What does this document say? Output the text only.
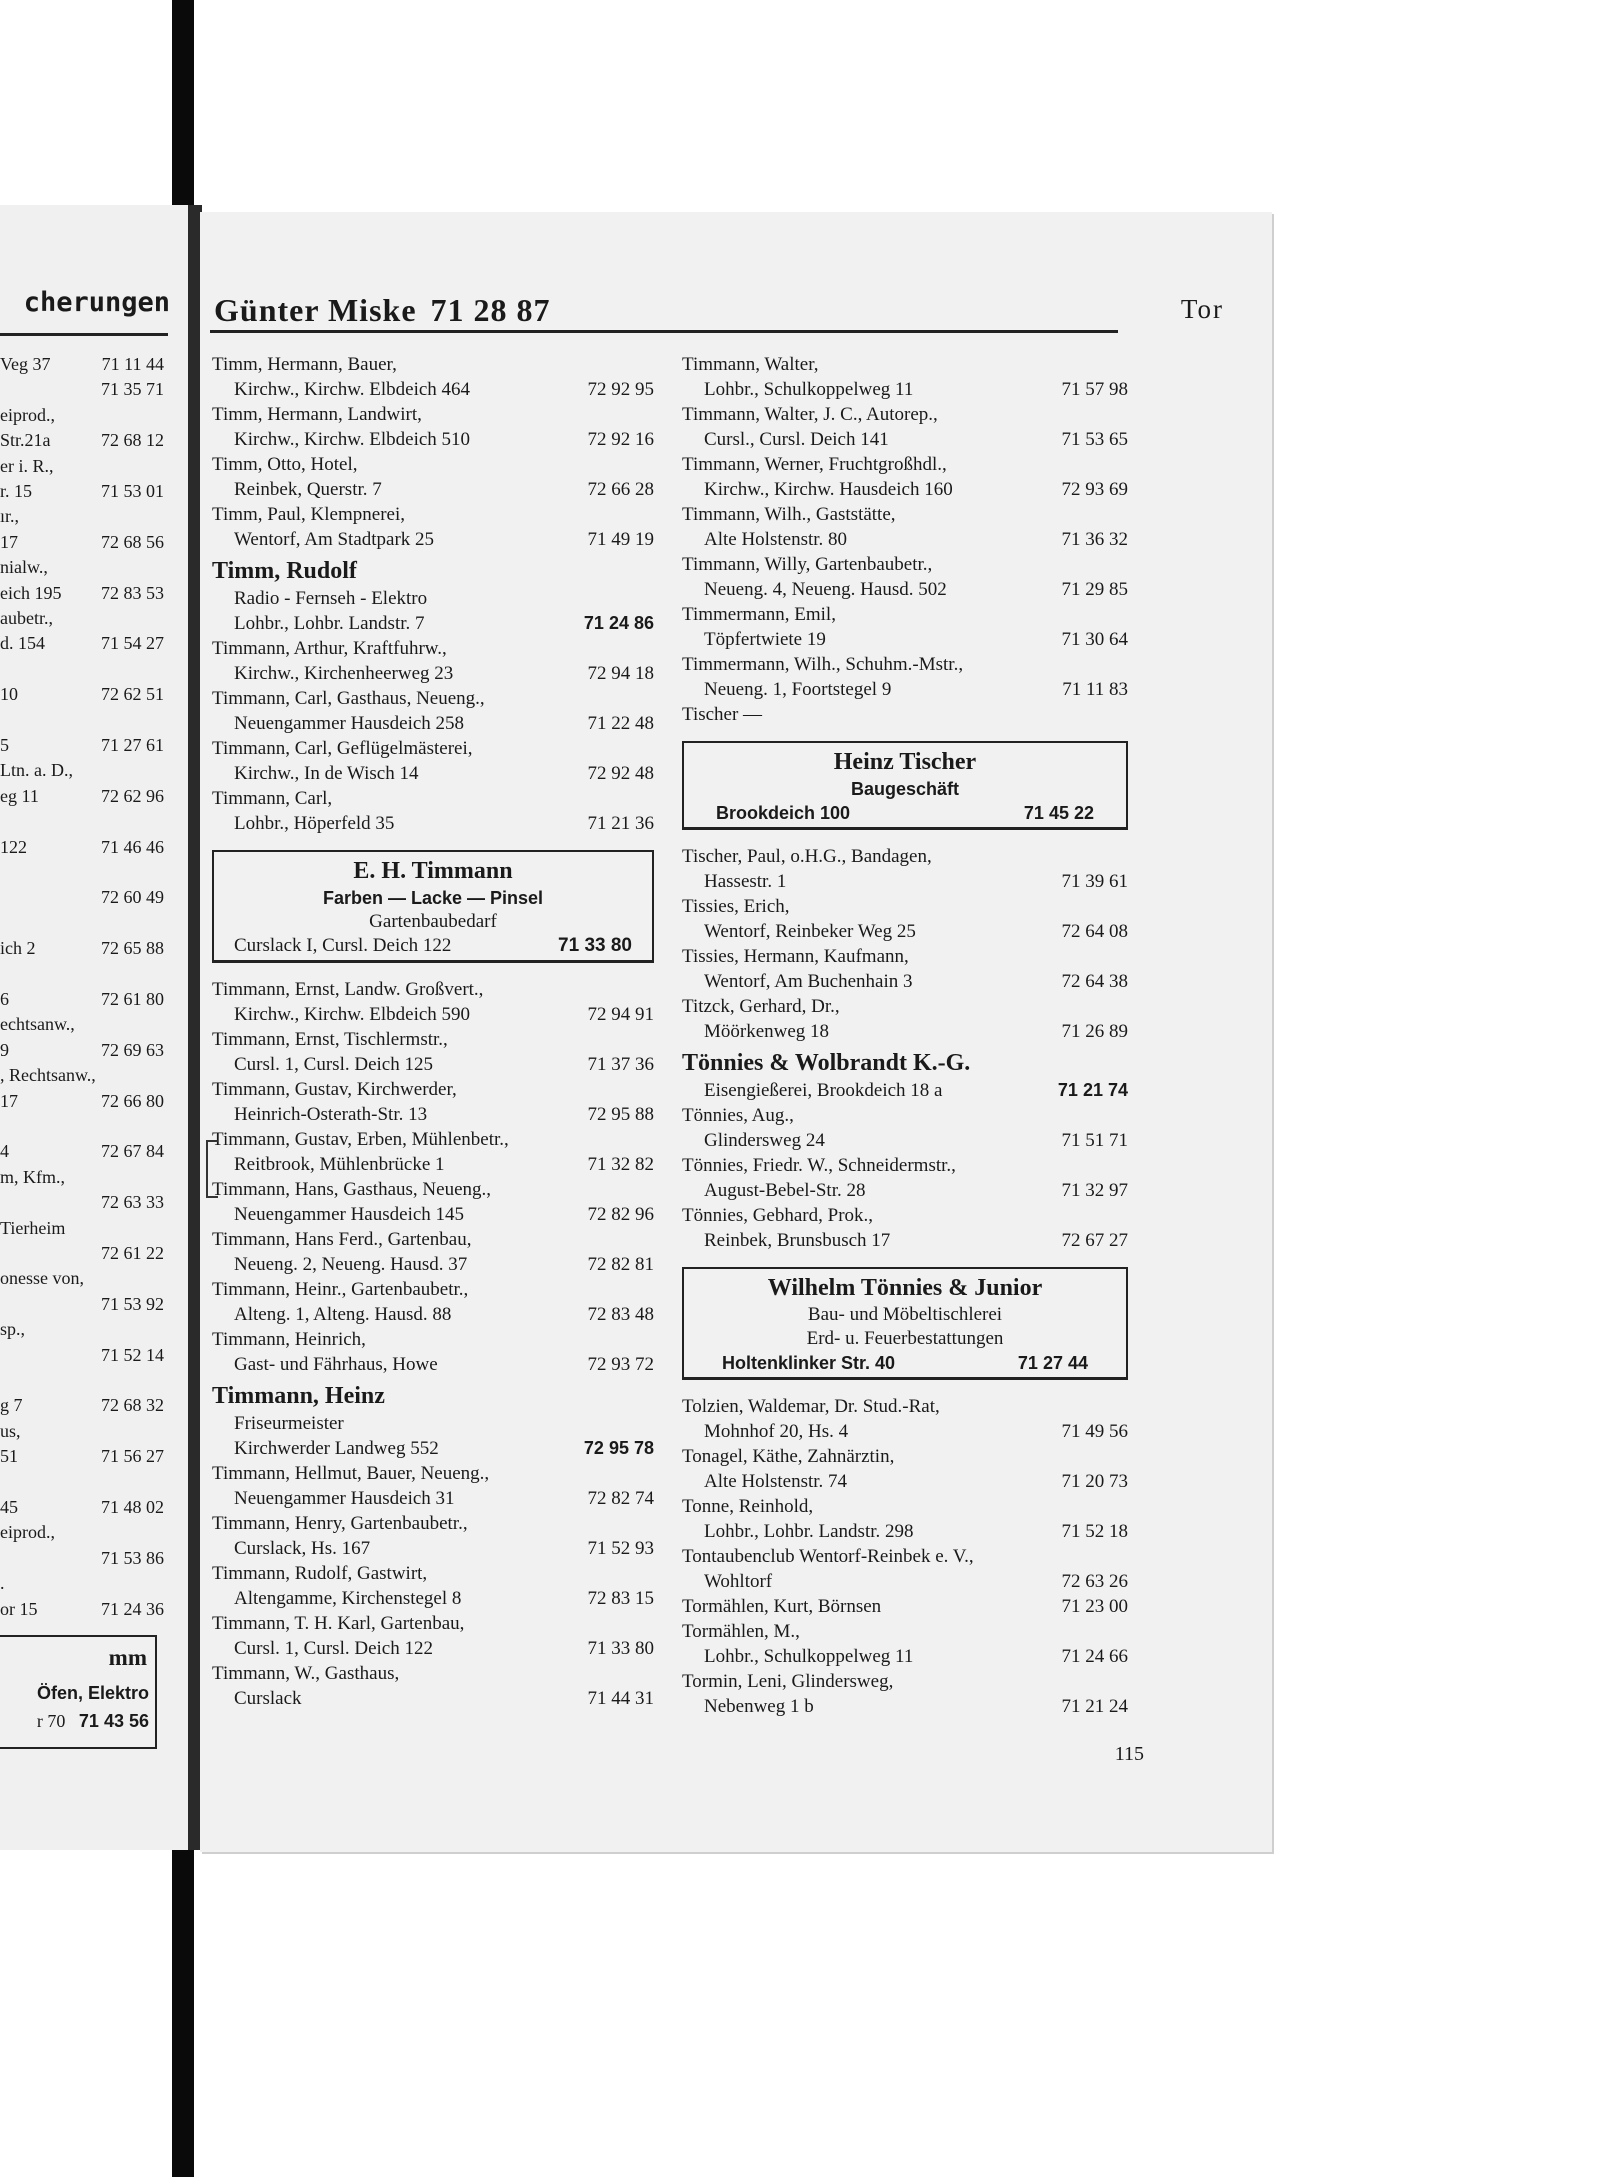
cherungen
Veg 37	71 11 44
71 35 71
eiprod.,
Str.21a	72 68 12
er i. R.,
r. 15	71 53 01
ır.,
17	72 68 56
nialw.,
eich 195 72 83 53
aubetr.,
d. 154	71 54 27
10	72 62 51
5	71 27 61
Ltn. a. D.,
eg 11	72 62 96
122	71 46 46
72 60 49
ich 2	72 65 88
6	72 61 80
echtsanw.,
9	72 69 63
, Rechtsanw.,
17	72 66 80
4	72 67 84
m, Kfm.,
72 63 33
Tierheim
72 61 22
onesse von,
71 53 92
sp.,
71 52 14
g 7	72 68 32
us,
51	71 56 27
45	71 48 02
eiprod.,
71 53 86
.
or 15	71 24 36
mm
Öfen, Elektro
r 70 71 43 56
Günter Miske 71 28 87	Tor
Timm, Hermann, Bauer,
Kirchw., Kirchw. Elbdeich 464	72 92 95
Timm, Hermann, Landwirt,
Kirchw., Kirchw. Elbdeich 510	72 92 16
Timm, Otto, Hotel,
Reinbek, Querstr. 7	72 66 28
Timm, Paul, Klempnerei,
Wentorf, Am Stadtpark 25	71 49 19
Timm, Rudolf
Radio - Fernseh - Elektro
Lohbr., Lohbr. Landstr. 7	71 24 86
Timmann, Arthur, Kraftfuhrw.,
Kirchw., Kirchenheerweg 23	72 94 18
Timmann, Carl, Gasthaus, Neueng.,
Neuengammer Hausdeich 258	71 22 48
Timmann, Carl, Geflügelmästerei,
Kirchw., In de Wisch 14	72 92 48
Timmann, Carl,
Lohbr., Höperfeld 35	71 21 36
E. H. Timmann
Farben — Lacke — Pinsel
Gartenbaubedarf
Curslack I, Cursl. Deich 122	71 33 80
Timmann, Ernst, Landw. Großvert.,
Kirchw., Kirchw. Elbdeich 590	72 94 91
Timmann, Ernst, Tischlermstr.,
Cursl. 1, Cursl. Deich 125	71 37 36
Timmann, Gustav, Kirchwerder,
Heinrich-Osterath-Str. 13	72 95 88
Timmann, Gustav, Erben, Mühlenbetr.,
Reitbrook, Mühlenbrücke 1	71 32 82
Timmann, Hans, Gasthaus, Neueng.,
Neuengammer Hausdeich 145	72 82 96
Timmann, Hans Ferd., Gartenbau,
Neueng. 2, Neueng. Hausd. 37	72 82 81
Timmann, Heinr., Gartenbaubetr.,
Alteng. 1, Alteng. Hausd. 88	72 83 48
Timmann, Heinrich,
Gast- und Fährhaus, Howe	72 93 72
Timmann, Heinz
Friseurmeister
Kirchwerder Landweg 552	72 95 78
Timmann, Hellmut, Bauer, Neueng.,
Neuengammer Hausdeich 31	72 82 74
Timmann, Henry, Gartenbaubetr.,
Curslack, Hs. 167	71 52 93
Timmann, Rudolf, Gastwirt,
Altengamme, Kirchenstegel 8	72 83 15
Timmann, T. H. Karl, Gartenbau,
Cursl. 1, Cursl. Deich 122	71 33 80
Timmann, W., Gasthaus,
Curslack	71 44 31
Timmann, Walter,
Lohbr., Schulkoppelweg 11	71 57 98
Timmann, Walter, J. C., Autorep.,
Cursl., Cursl. Deich 141	71 53 65
Timmann, Werner, Fruchtgroßhdl.,
Kirchw., Kirchw. Hausdeich 160	72 93 69
Timmann, Wilh., Gaststätte,
Alte Holstenstr. 80	71 36 32
Timmann, Willy, Gartenbaubetr.,
Neueng. 4, Neueng. Hausd. 502	71 29 85
Timmermann, Emil,
Töpfertwiete 19	71 30 64
Timmermann, Wilh., Schuhm.-Mstr.,
Neueng. 1, Foortstegel 9	71 11 83
Tischer —
Heinz Tischer
Baugeschäft
Brookdeich 100	71 45 22
Tischer, Paul, o.H.G., Bandagen,
Hassestr. 1	71 39 61
Tissies, Erich,
Wentorf, Reinbeker Weg 25	72 64 08
Tissies, Hermann, Kaufmann,
Wentorf, Am Buchenhain 3	72 64 38
Titzck, Gerhard, Dr.,
Möörkenweg 18	71 26 89
Tönnies & Wolbrandt K.-G.
Eisengießerei, Brookdeich 18 a	71 21 74
Tönnies, Aug.,
Glindersweg 24	71 51 71
Tönnies, Friedr. W., Schneidermstr.,
August-Bebel-Str. 28	71 32 97
Tönnies, Gebhard, Prok.,
Reinbek, Brunsbusch 17	72 67 27
Wilhelm Tönnies & Junior
Bau- und Möbeltischlerei
Erd- u. Feuerbestattungen
Holtenklinker Str. 40	71 27 44
Tolzien, Waldemar, Dr. Stud.-Rat,
Mohnhof 20, Hs. 4	71 49 56
Tonagel, Käthe, Zahnärztin,
Alte Holstenstr. 74	71 20 73
Tonne, Reinhold,
Lohbr., Lohbr. Landstr. 298	71 52 18
Tontaubenclub Wentorf-Reinbek e. V.,
Wohltorf	72 63 26
Tormählen, Kurt, Börnsen	71 23 00
Tormählen, M.,
Lohbr., Schulkoppelweg 11	71 24 66
Tormin, Leni, Glindersweg,
Nebenweg 1 b	71 21 24
115
